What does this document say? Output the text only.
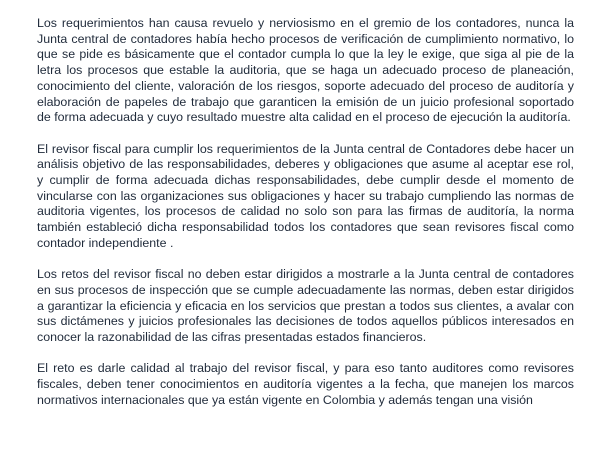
Los requerimientos han causa revuelo y nerviosismo en el gremio de los contadores, nunca la Junta central de contadores había hecho procesos de verificación de cumplimiento normativo, lo que se pide es básicamente que el contador cumpla lo que la ley le exige, que siga al pie de la letra los procesos que estable la auditoria, que se haga un adecuado proceso de planeación, conocimiento del cliente, valoración de los riesgos, soporte adecuado del proceso de auditoría y elaboración de papeles de trabajo que garanticen la emisión de un juicio profesional soportado de forma adecuada y cuyo resultado muestre alta calidad en el proceso de ejecución la auditoría.

El revisor fiscal para cumplir los requerimientos de la Junta central de Contadores debe hacer un análisis objetivo de las responsabilidades, deberes y obligaciones que asume al aceptar ese rol, y cumplir de forma adecuada dichas responsabilidades, debe cumplir desde el momento de vincularse con las organizaciones sus obligaciones y hacer su trabajo cumpliendo las normas de auditoria vigentes, los procesos de calidad no solo son para las firmas de auditoría, la norma también estableció dicha responsabilidad todos los contadores que sean revisores fiscal como contador independiente .

Los retos del revisor fiscal no deben estar dirigidos a mostrarle a la Junta central de contadores en sus procesos de inspección que se cumple adecuadamente las normas, deben estar dirigidos a garantizar la eficiencia y eficacia en los servicios que prestan a todos sus clientes, a avalar con sus dictámenes y juicios profesionales las decisiones de todos aquellos públicos interesados en conocer la razonabilidad de las cifras presentadas estados financieros.

El reto es darle calidad al trabajo del revisor fiscal, y para eso tanto auditores como revisores fiscales, deben tener conocimientos en auditoría vigentes a la fecha, que manejen los marcos normativos internacionales que ya están vigente en Colombia y además tengan una visión
